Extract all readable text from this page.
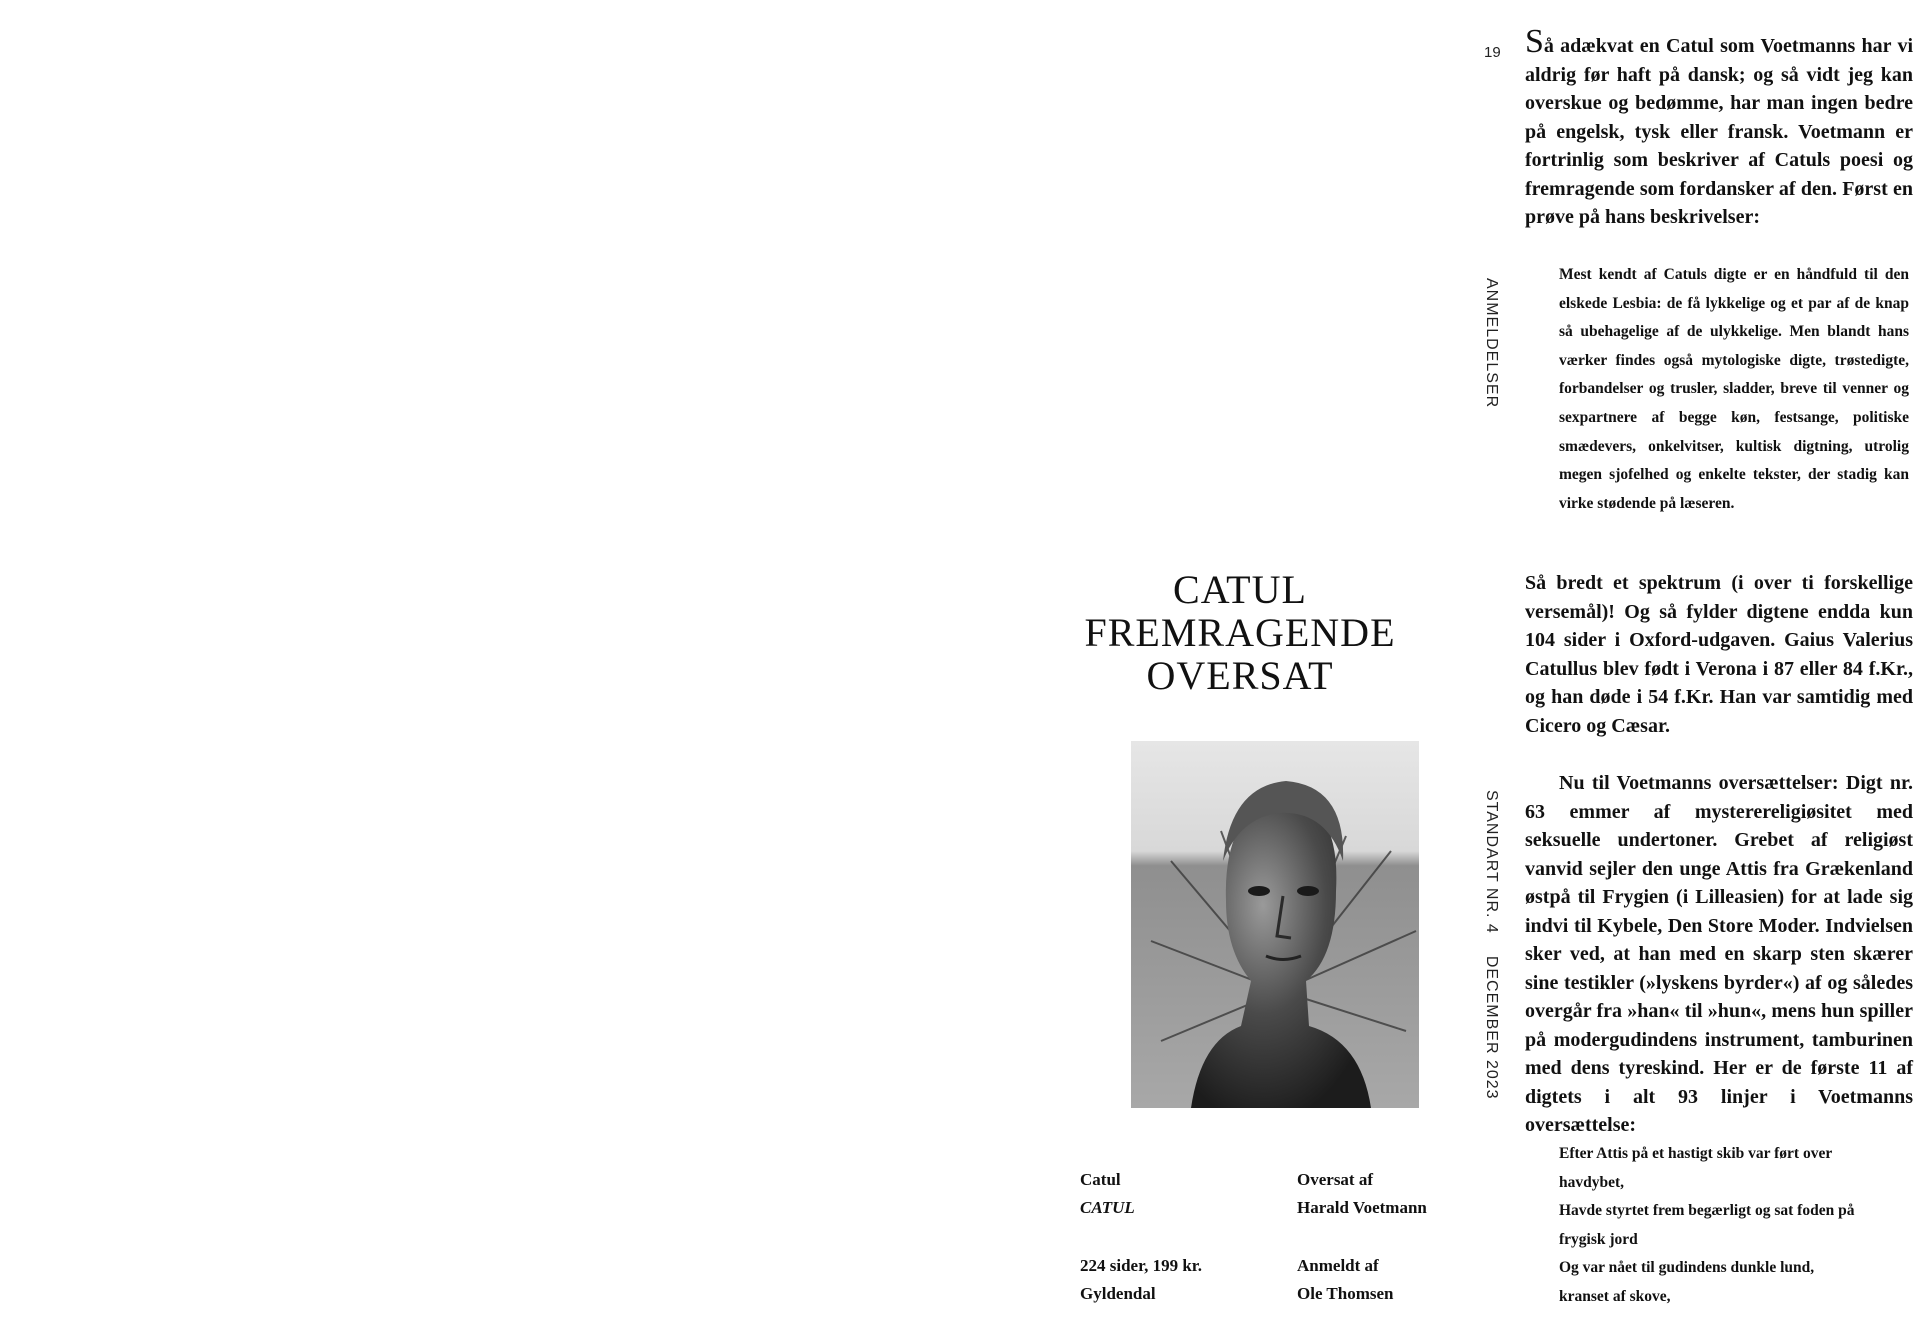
CATUL
FREMRAGENDE
OVERSAT
Catul
CATUL
224 sider, 199 kr.
Gyldendal
Oversat af
Harald Voetmann
Anmeldt af
Ole Thomsen
19
ANMELDELSER
STANDART NR. 4DECEMBER 2023

Så adækvat en Catul som Voetmanns har vi aldrig før haft på dansk; og så vidt jeg kan overskue og bedømme, har man ingen bedre på engelsk, tysk eller fransk. Voetmann er fortrinlig som beskriver af Catuls poesi og fremragende som fordansker af den. Først en prøve på hans beskrivelser:

Mest kendt af Catuls digte er en håndfuld til den elskede Lesbia: de få lykkelige og et par af de knap så ubehagelige af de ulykkelige. Men blandt hans værker findes også mytologiske digte, trøstedigte, forbandelser og trusler, sladder, breve til venner og sexpartnere af begge køn, festsange, politiske smædevers, onkelvitser, kultisk digtning, utrolig megen sjofelhed og enkelte tekster, der stadig kan virke stødende på læseren.

Så bredt et spektrum (i over ti forskellige versemål)! Og så fylder digtene endda kun 104 sider i Oxford-udgaven. Gaius Valerius Catullus blev født i Verona i 87 eller 84 f.Kr., og han døde i 54 f.Kr. Han var samtidig med Cicero og Cæsar.

Nu til Voetmanns oversættelser: Digt nr. 63 emmer af mysterereligiøsitet med seksuelle undertoner. Grebet af religiøst vanvid sejler den unge Attis fra Grækenland østpå til Frygien (i Lilleasien) for at lade sig indvi til Kybele, Den Store Moder. Indvielsen sker ved, at han med en skarp sten skærer sine testikler (»lyskens byrder«) af og således overgår fra »han« til »hun«, mens hun spiller på modergudindens instrument, tamburinen med dens tyreskind. Her er de første 11 af digtets i alt 93 linjer i Voetmanns oversættelse:

Efter Attis på et hastigt skib var ført over
havdybet,
Havde styrtet frem begærligt og sat foden på
frygisk jord
Og var nået til gudindens dunkle lund,
kranset af skove,
